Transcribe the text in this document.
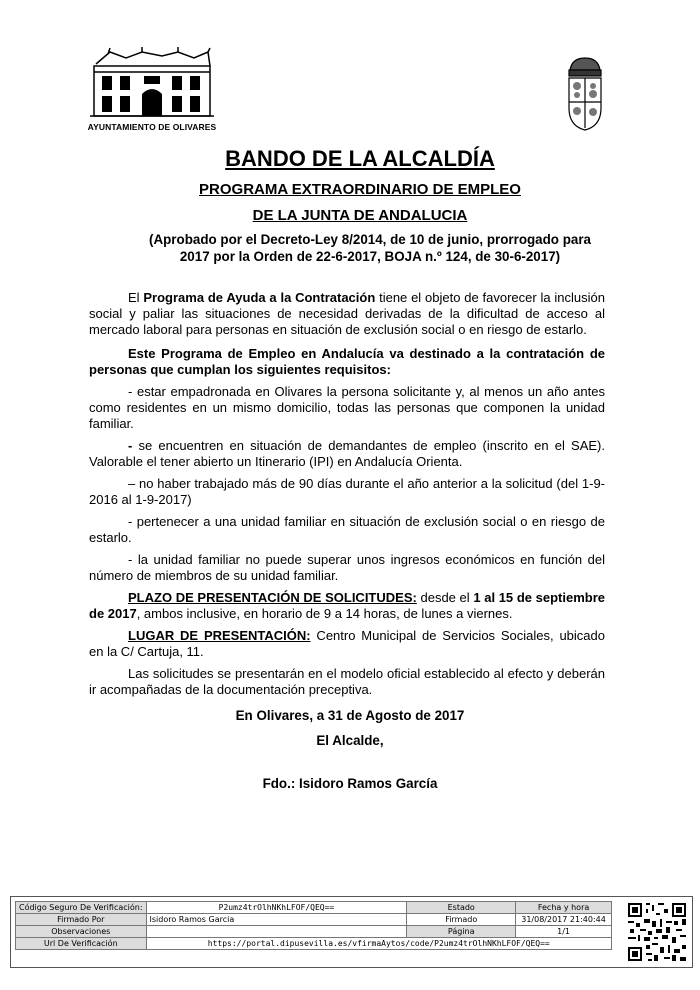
AYUNTAMIENTO DE OLIVARES
BANDO DE LA ALCALDÍA
PROGRAMA EXTRAORDINARIO DE EMPLEO
DE LA JUNTA DE ANDALUCIA
(Aprobado por el Decreto-Ley 8/2014, de 10 de junio, prorrogado para 2017 por la Orden de 22-6-2017, BOJA n.º 124, de 30-6-2017)

El Programa de Ayuda a la Contratación tiene el objeto de favorecer la inclusión social y paliar las situaciones de necesidad derivadas de la dificultad de acceso al mercado laboral para personas en situación de exclusión social o en riesgo de estarlo.

Este Programa de Empleo en Andalucía va destinado a la contratación de personas que cumplan los siguientes requisitos:

- estar empadronada en Olivares la persona solicitante y, al menos un año antes como residentes en un mismo domicilio, todas las personas que componen la unidad familiar.

- se encuentren en situación de demandantes de empleo (inscrito en el SAE). Valorable el tener abierto un Itinerario (IPI) en Andalucía Orienta.

– no haber trabajado más de 90 días durante el año anterior a la solicitud (del 1-9-2016 al 1-9-2017)

- pertenecer a una unidad familiar en situación de exclusión social o en riesgo de estarlo.

- la unidad familiar no puede superar unos ingresos económicos en función del número de miembros de su unidad familiar.

PLAZO DE PRESENTACIÓN DE SOLICITUDES: desde el 1 al 15 de septiembre de 2017, ambos inclusive, en horario de 9 a 14 horas, de lunes a viernes.

LUGAR DE PRESENTACIÓN: Centro Municipal de Servicios Sociales, ubicado en la C/ Cartuja, 11.

Las solicitudes se presentarán en el modelo oficial establecido al efecto y deberán ir acompañadas de la documentación preceptiva.

En Olivares, a 31 de Agosto de 2017
El Alcalde,
Fdo.: Isidoro Ramos García
Código Seguro De Verificación:	P2umz4trOlhNKhLFOF/QEQ==	Estado	Fecha y hora
Firmado Por	Isidoro Ramos Garcia	Firmado	31/08/2017 21:40:44
Observaciones		Página	1/1
Url De Verificación	https://portal.dipusevilla.es/vfirmaAytos/code/P2umz4trOlhNKhLFOF/QEQ==		
